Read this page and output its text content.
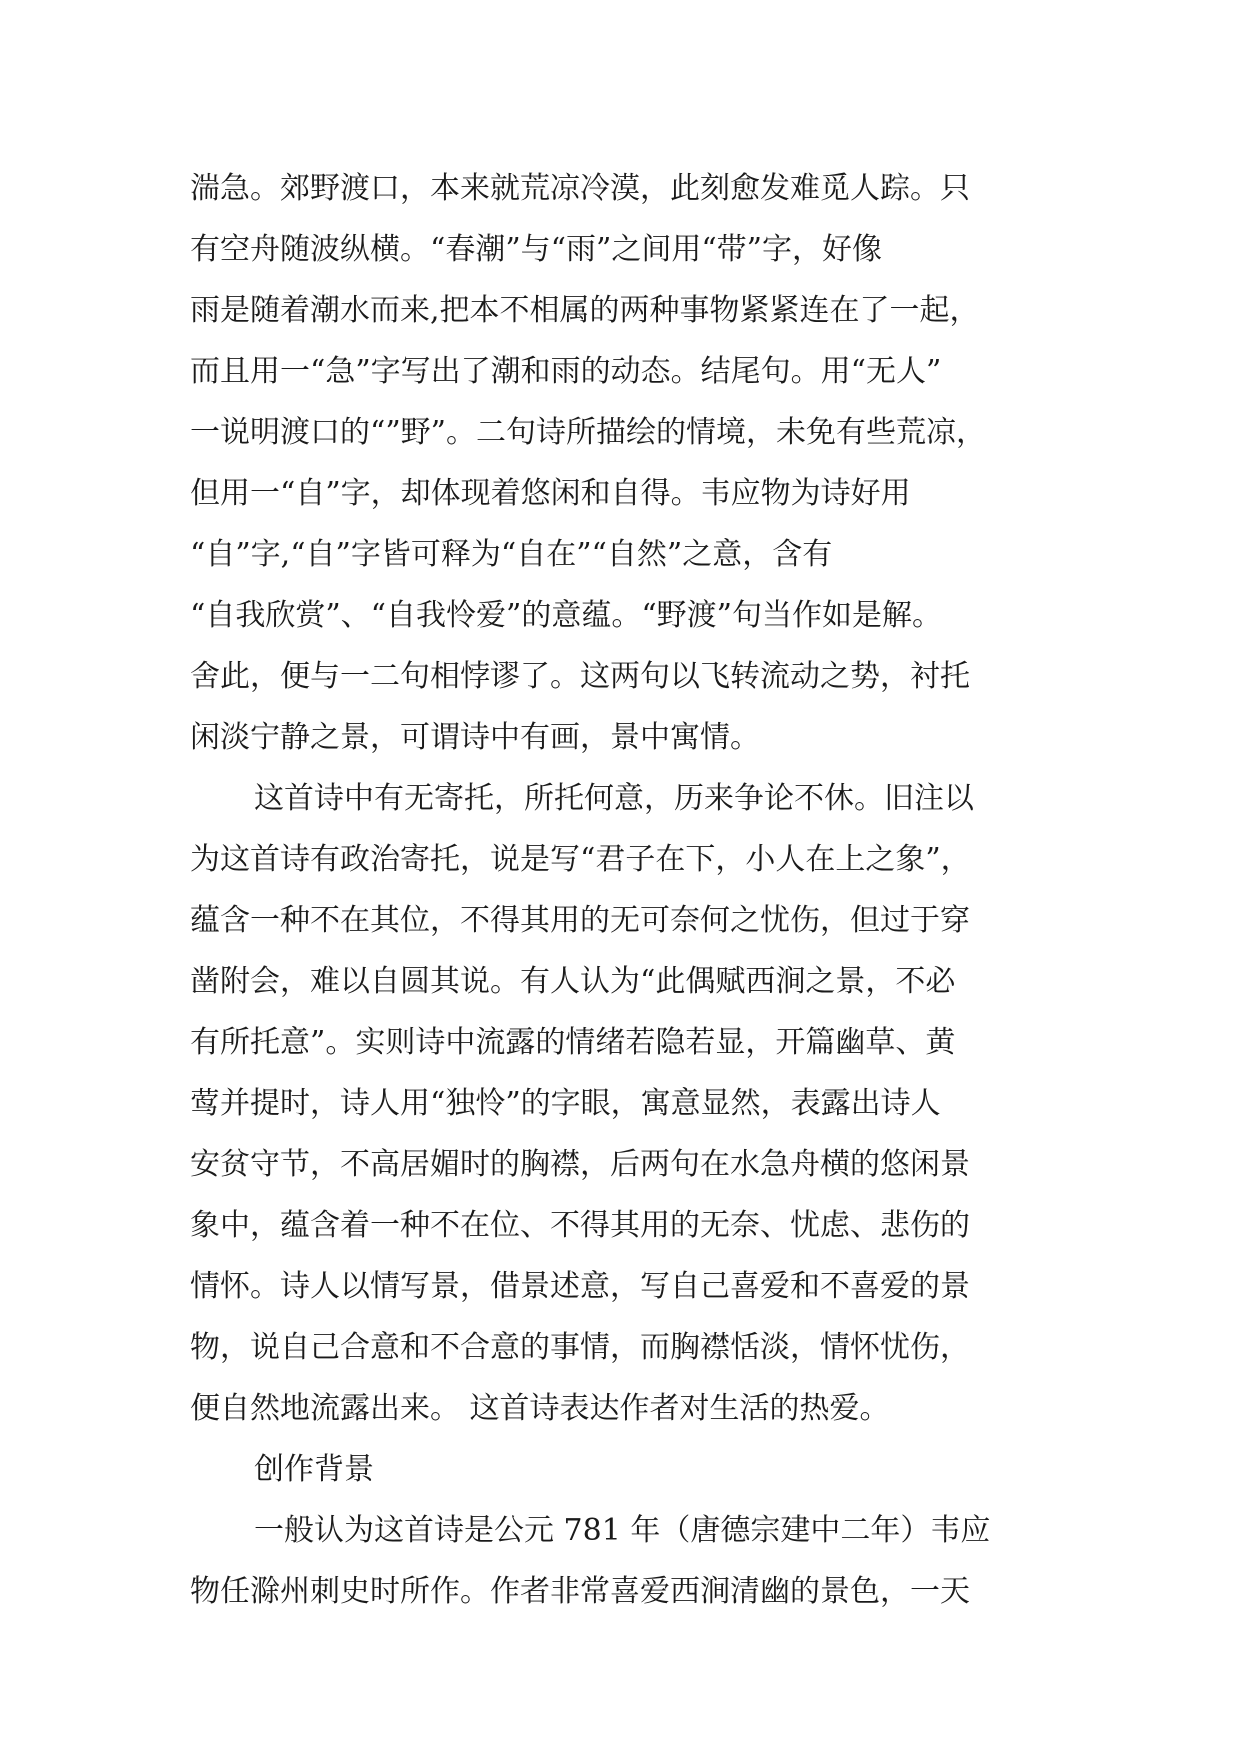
湍急。郊野渡口，本来就荒凉冷漠，此刻愈发难觅人踪。只
有空舟随波纵横。“春潮”与“雨”之间用“带”字，好像
雨是随着潮水而来,把本不相属的两种事物紧紧连在了一起，
而且用一“急”字写出了潮和雨的动态。结尾句。用“无人”
一说明渡口的“”野”。二句诗所描绘的情境，未免有些荒凉，
但用一“自”字，却体现着悠闲和自得。韦应物为诗好用
“自”字,“自”字皆可释为“自在”“自然”之意，含有
“自我欣赏”、“自我怜爱”的意蕴。“野渡”句当作如是解。
舍此，便与一二句相悖谬了。这两句以飞转流动之势，衬托
闲淡宁静之景，可谓诗中有画，景中寓情。
这首诗中有无寄托，所托何意，历来争论不休。旧注以
为这首诗有政治寄托，说是写“君子在下，小人在上之象”，
蕴含一种不在其位，不得其用的无可奈何之忧伤，但过于穿
凿附会，难以自圆其说。有人认为“此偶赋西涧之景，不必
有所托意”。实则诗中流露的情绪若隐若显，开篇幽草、黄
莺并提时，诗人用“独怜”的字眼，寓意显然，表露出诗人
安贫守节，不高居媚时的胸襟，后两句在水急舟横的悠闲景
象中，蕴含着一种不在位、不得其用的无奈、忧虑、悲伤的
情怀。诗人以情写景，借景述意，写自己喜爱和不喜爱的景
物，说自己合意和不合意的事情，而胸襟恬淡，情怀忧伤，
便自然地流露出来。 这首诗表达作者对生活的热爱。
创作背景
一般认为这首诗是公元 781 年（唐德宗建中二年）韦应
物任滁州刺史时所作。作者非常喜爱西涧清幽的景色，一天
